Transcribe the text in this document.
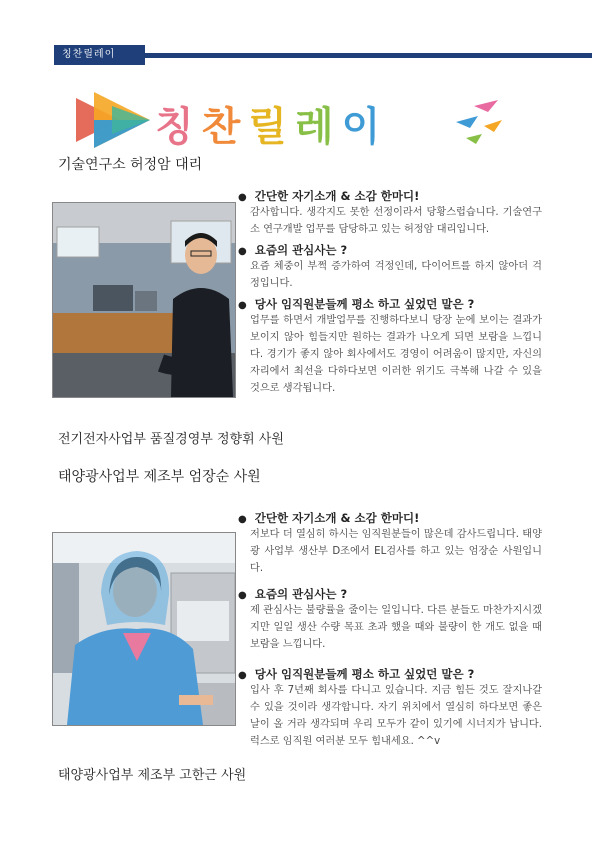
칭찬릴레이
칭찬릴레이
기술연구소 허정암 대리
● 간단한 자기소개 & 소감 한마디!
감사합니다. 생각지도 못한 선정이라서 당황스럽습니다. 기술연구소 연구개발 업무를 담당하고 있는 허정암 대리입니다.
● 요즘의 관심사는 ?
요즘 체중이 부쩍 증가하여 걱정인데, 다이어트를 하지 않아더 걱정입니다.
● 당사 임직원분들께 평소 하고 싶었던 말은 ?
업무를 하면서 개발업무를 진행하다보니 당장 눈에 보이는 결과가 보이지 않아 힘들지만 원하는 결과가 나오게 되면 보람을 느낍니다. 경기가 좋지 않아 회사에서도 경영이 어려움이 많지만, 자신의 자리에서 최선을 다하다보면 이러한 위기도 극복해 나갈 수 있을 것으로 생각됩니다.
전기전자사업부 품질경영부 정향휘 사원
태양광사업부 제조부 엄장순 사원
● 간단한 자기소개 & 소감 한마디!
저보다 더 열심히 하시는 임직원분들이 많은데 감사드립니다. 태양광 사업부 생산부 D조에서 EL검사를 하고 있는 엄장순 사원입니다.
● 요즘의 관심사는 ?
제 관심사는 불량률을 줄이는 일입니다. 다른 분들도 마찬가지시겠지만 일일 생산 수량 목표 초과 했을 때와 불량이 한 개도 없을 때 보람을 느낍니다.
● 당사 임직원분들께 평소 하고 싶었던 말은 ?
입사 후 7년째 회사를 다니고 있습니다. 지금 힘든 것도 잘지나갈 수 있을 것이라 생각합니다. 자기 위치에서 열심히 하다보면 좋은 날이 올 거라 생각되며 우리 모두가 같이 있기에 시너지가 납니다. 럭스로 임직원 여러분 모두 힘내세요. ^^v
태양광사업부 제조부 고한근 사원
